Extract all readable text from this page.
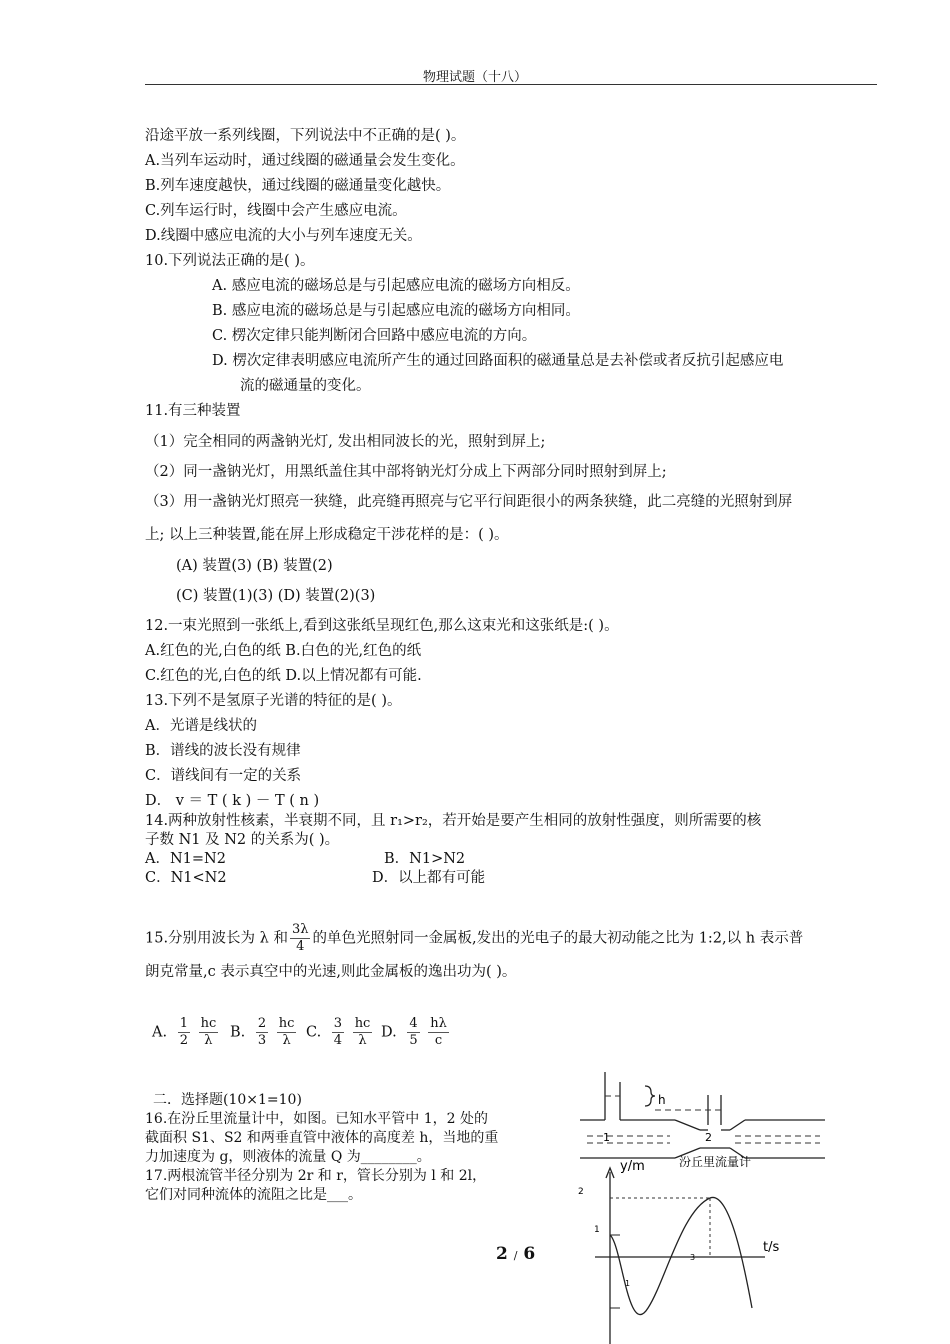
物理试题（十八）
沿途平放一系列线圈，下列说法中不正确的是( )。
A.当列车运动时，通过线圈的磁通量会发生变化。
B.列车速度越快，通过线圈的磁通量变化越快。
C.列车运行时，线圈中会产生感应电流。
D.线圈中感应电流的大小与列车速度无关。
10.下列说法正确的是( )。
A. 感应电流的磁场总是与引起感应电流的磁场方向相反。
B. 感应电流的磁场总是与引起感应电流的磁场方向相同。
C. 楞次定律只能判断闭合回路中感应电流的方向。
D. 楞次定律表明感应电流所产生的通过回路面积的磁通量总是去补偿或者反抗引起感应电
流的磁通量的变化。
11.有三种装置
（1）完全相同的两盏钠光灯, 发出相同波长的光，照射到屏上;
（2）同一盏钠光灯，用黑纸盖住其中部将钠光灯分成上下两部分同时照射到屏上;
（3）用一盏钠光灯照亮一狭缝，此亮缝再照亮与它平行间距很小的两条狭缝，此二亮缝的光照射到屏
上; 以上三种装置,能在屏上形成稳定干涉花样的是：( )。
(A) 装置(3) (B) 装置(2)
(C) 装置(1)(3) (D) 装置(2)(3)
12.一束光照到一张纸上,看到这张纸呈现红色,那么这束光和这张纸是:( )。
A.红色的光,白色的纸 B.白色的光,红色的纸
C.红色的光,白色的纸 D.以上情况都有可能.
13.下列不是氢原子光谱的特征的是( )。
A．光谱是线状的
B．谱线的波长没有规律
C．谱线间有一定的关系
D． v ＝ T ( k ) － T ( n )
14.两种放射性核素，半衰期不同，且 r₁>r₂，若开始是要产生相同的放射性强度，则所需要的核
子数 N1 及 N2 的关系为( )。
A．N1=N2	B．N1>N2
C．N1<N2	D．以上都有可能
15.分别用波长为 λ 和 $\frac{3\lambda}{4}$ 的单色光照射同一金属板,发出的光电子的最大初动能之比为 1:2,以 h 表示普
朗克常量,c 表示真空中的光速,则此金属板的逸出功为( )。
A. $\frac{1}{2}$
$\frac{hc}{\lambda} B$. $\frac{2}{3}$
$\frac{hc}{\lambda} C$. $\frac{3}{4}$
$\frac{hc}{\lambda} D$. $\frac{4}{5}$
$\frac{h\lambda}{c}$
二．选择题(10×1=10)
16.在汾丘里流量计中，如图。已知水平管中 1，2 处的
截面积 S1、S2 和两垂直管中液体的高度差 h，当地的重
力加速度为 g，则液体的流量 Q 为________。
17.两根流管半径分别为 2r 和 r，管长分别为 l 和 2l，
它们对同种流体的流阻之比是___。
h
1	2
汾丘里流量计
y/m
t/s
2
1
1
3
2 / 6
